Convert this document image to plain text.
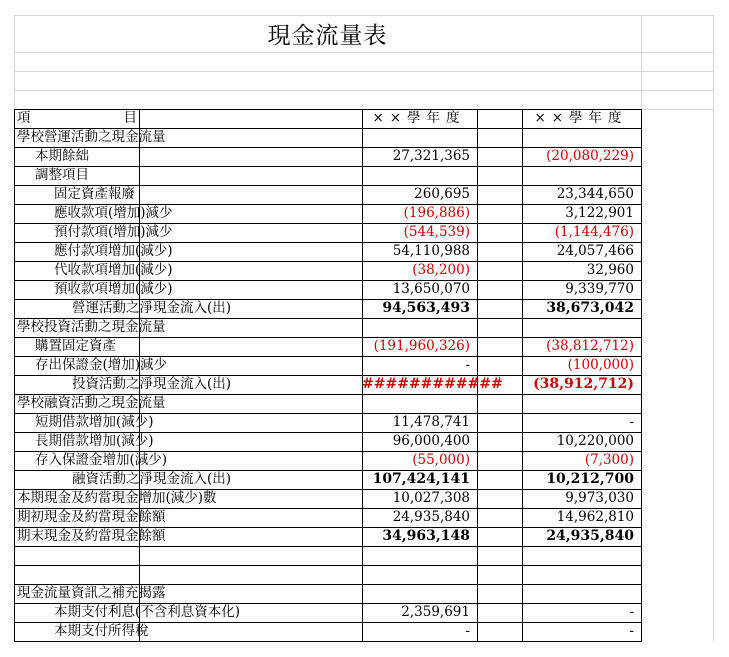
現金流量表
項	目	××學年度	××學年度
學校營運活動之現金流量
本期餘絀	27,321,365	(20,080,229)
調整項目
固定資產報廢	260,695	23,344,650
應收款項(增加)減少	(196,886)	3,122,901
預付款項(增加)減少	(544,539)	(1,144,476)
應付款項增加(減少)	54,110,988	24,057,466
代收款項增加(減少)	(38,200)	32,960
預收款項增加(減少)	13,650,070	9,339,770
營運活動之淨現金流入(出)	94,563,493	38,673,042
學校投資活動之現金流量
購置固定資產	(191,960,326)	(38,812,712)
存出保證金(增加)減少	-	(100,000)
投資活動之淨現金流入(出)	############	(38,912,712)
學校融資活動之現金流量
短期借款增加(減少)	11,478,741	-
長期借款增加(減少)	96,000,400	10,220,000
存入保證金增加(減少)	(55,000)	(7,300)
融資活動之淨現金流入(出)	107,424,141	10,212,700
本期現金及約當現金增加(減少)數	10,027,308	9,973,030
期初現金及約當現金餘額	24,935,840	14,962,810
期末現金及約當現金餘額	34,963,148	24,935,840
現金流量資訊之補充揭露
本期支付利息(不含利息資本化)	2,359,691	-
本期支付所得稅	-	-
